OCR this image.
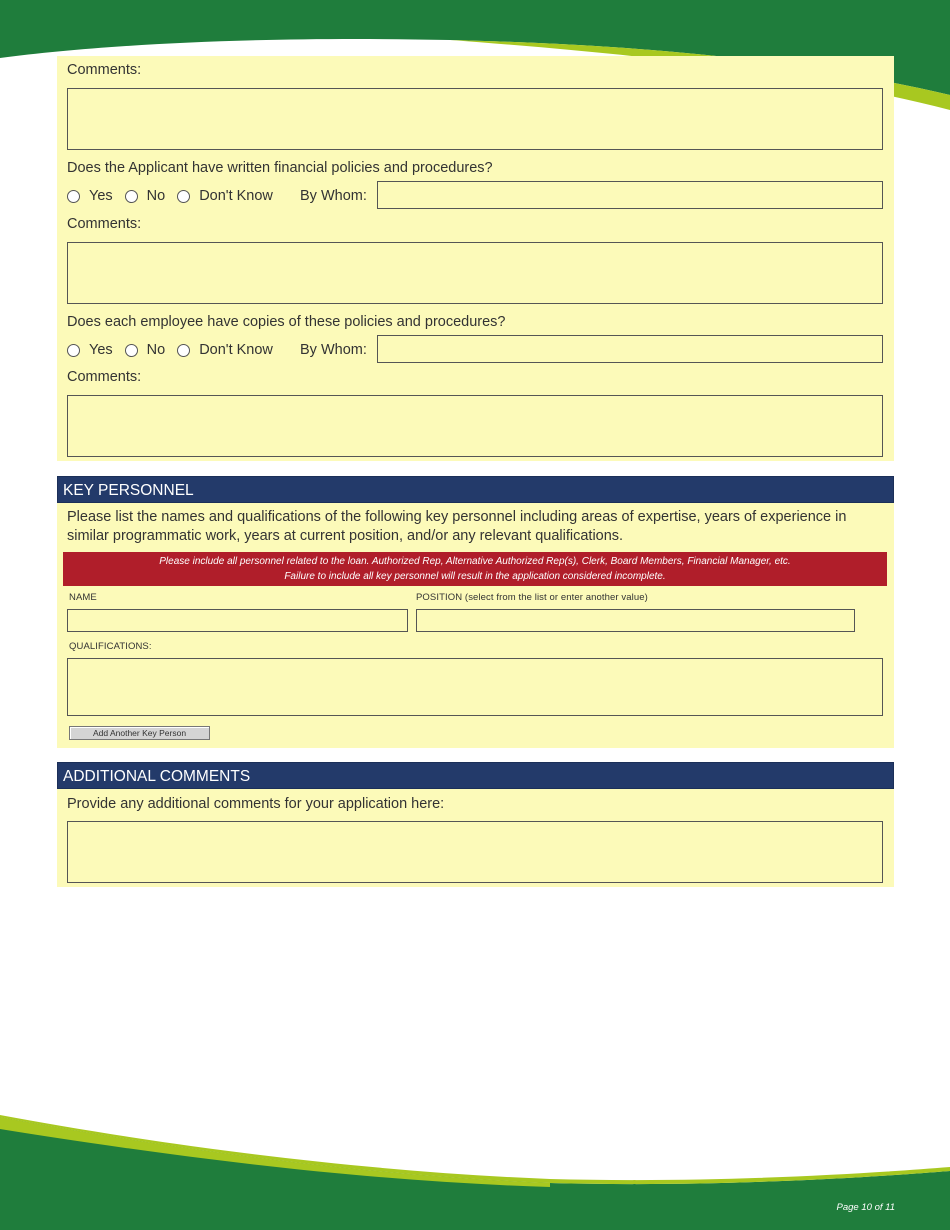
Comments:
Does the Applicant have written financial policies and procedures?
Yes No Don't Know By Whom:
Comments:
Does each employee have copies of these policies and procedures?
Yes No Don't Know By Whom:
Comments:
KEY PERSONNEL
Please list the names and qualifications of the following key personnel including areas of expertise, years of experience in
similar programmatic work, years at current position, and/or any relevant qualifications.
Please include all personnel related to the loan. Authorized Rep, Alternative Authorized Rep(s), Clerk, Board Members, Financial Manager, etc.
Failure to include all key personnel will result in the application considered incomplete.
NAME	POSITION (select from the list or enter another value)
QUALIFICATIONS:
Add Another Key Person
ADDITIONAL COMMENTS
Provide any additional comments for your application here:
Page 10 of 11
